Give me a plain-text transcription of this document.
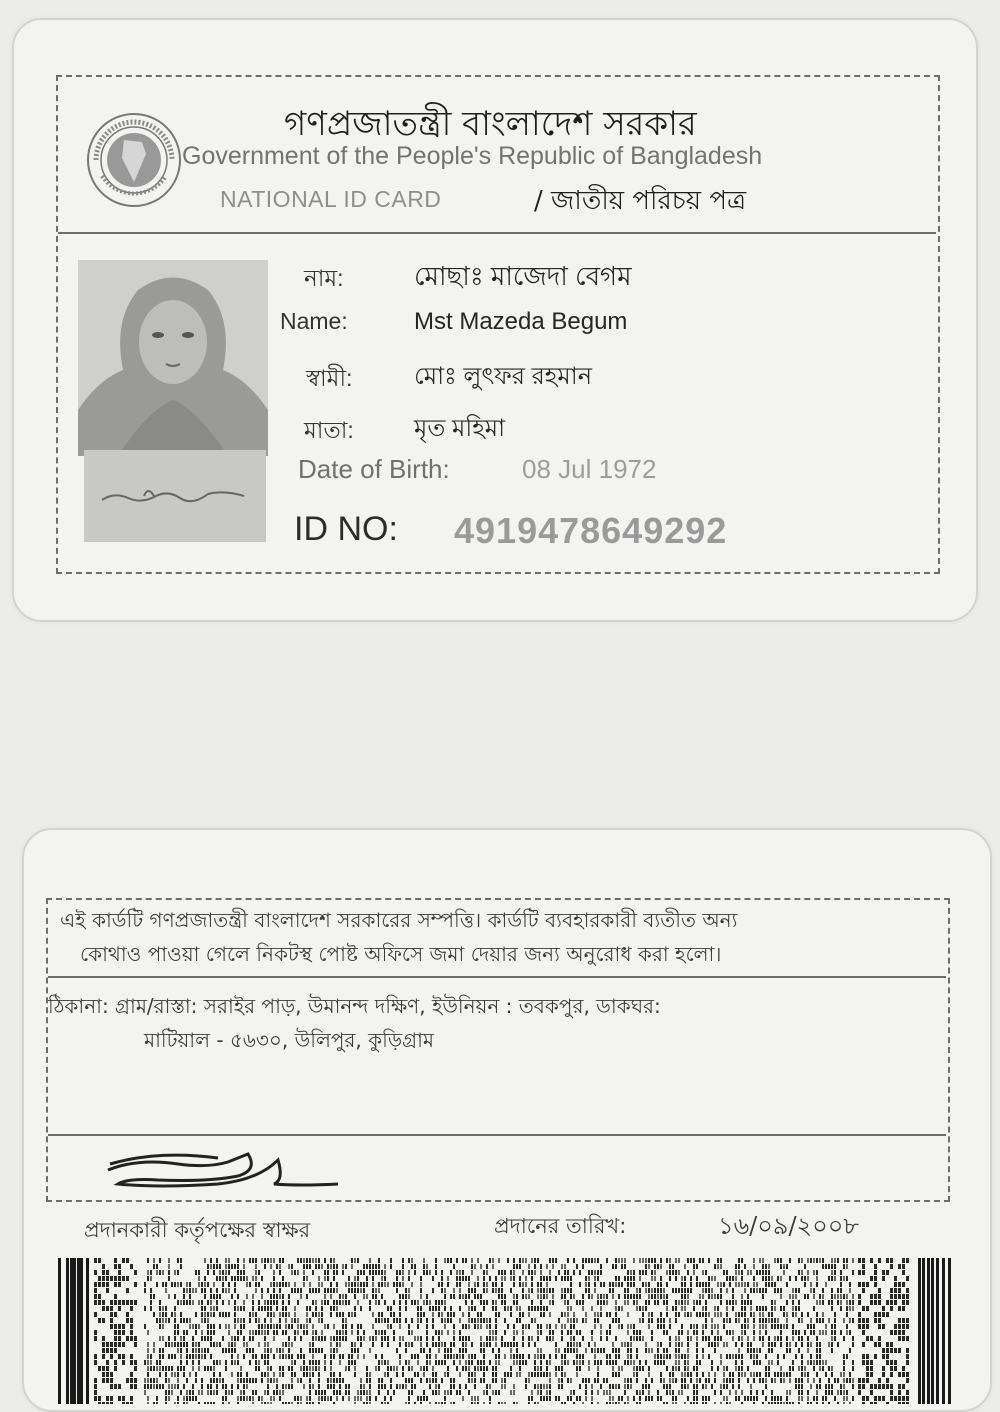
গণপ্রজাতন্ত্রী বাংলাদেশ সরকার
Government of the People's Republic of Bangladesh
NATIONAL ID CARD	/ জাতীয় পরিচয় পত্র
নাম:	মোছাঃ মাজেদা বেগম
Name:	Mst Mazeda Begum
স্বামী:	মোঃ লুৎফর রহমান
মাতা:	মৃত মহিমা
Date of Birth:	08 Jul 1972
ID NO: 4919478649292
এই কার্ডটি গণপ্রজাতন্ত্রী বাংলাদেশ সরকারের সম্পত্তি। কার্ডটি ব্যবহারকারী ব্যতীত অন্য
কোথাও পাওয়া গেলে নিকটস্থ পোষ্ট অফিসে জমা দেয়ার জন্য অনুরোধ করা হলো।
ঠিকানা: গ্রাম/রাস্তা: সরাইর পাড়, উমানন্দ দক্ষিণ, ইউনিয়ন : তবকপুর, ডাকঘর:
মাটিয়াল - ৫৬৩০, উলিপুর, কুড়িগ্রাম
প্রদানকারী কর্তৃপক্ষের স্বাক্ষর	প্রদানের তারিখ:	১৬/০৯/২০০৮
